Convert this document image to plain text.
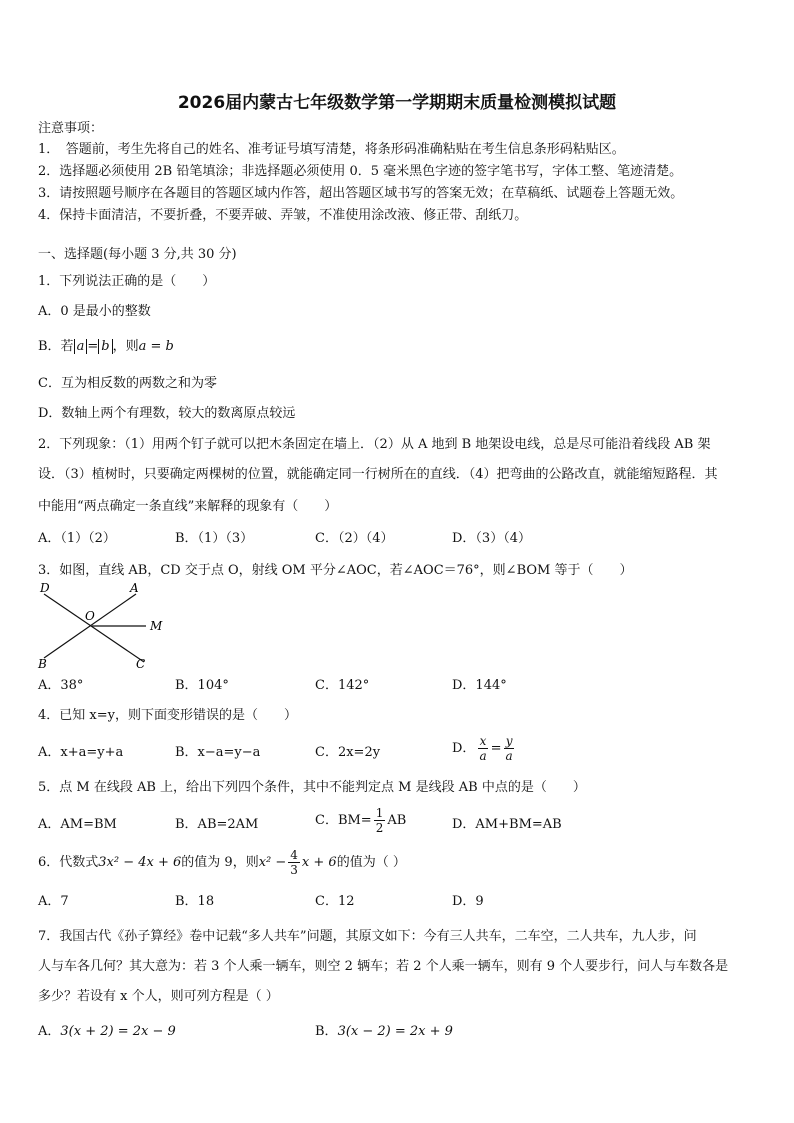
2026届内蒙古七年级数学第一学期期末质量检测模拟试题
注意事项：
1．　答题前，考生先将自己的姓名、准考证号填写清楚，将条形码准确粘贴在考生信息条形码粘贴区。
2．选择题必须使用 2B 铅笔填涂；非选择题必须使用 0．5 毫米黑色字迹的签字笔书写，字体工整、笔迹清楚。
3．请按照题号顺序在各题目的答题区域内作答，超出答题区域书写的答案无效；在草稿纸、试题卷上答题无效。
4．保持卡面清洁，不要折叠，不要弄破、弄皱，不准使用涂改液、修正带、刮纸刀。
一、选择题(每小题 3 分,共 30 分)
1．下列说法正确的是（　　）
A．0 是最小的整数
B．若 a = b ，则a = b
C．互为相反数的两数之和为零
D．数轴上两个有理数，较大的数离原点较远
2．下列现象：（1）用两个钉子就可以把木条固定在墙上．（2）从 A 地到 B 地架设电线，总是尽可能沿着线段 AB 架
设．（3）植树时，只要确定两棵树的位置，就能确定同一行树所在的直线．（4）把弯曲的公路改直，就能缩短路程．其
中能用“两点确定一条直线”来解释的现象有（　　）
A．（1）（2）	B．（1）（3）	C．（2）（4）	D．（3）（4）
3．如图，直线 AB，CD 交于点 O，射线 OM 平分∠AOC，若∠AOC＝76°，则∠BOM 等于（　　）
D	A
O
M
B	C
A．38°	B．104°	C．142°	D．144°
4．已知 x=y，则下面变形错误的是（　　）
A．x+a=y+a	B．x−a=y−a	C．2x=2y	D． $\frac{x}{a} = \frac{y}{a}$
5．点 M 在线段 AB 上，给出下列四个条件，其中不能判定点 M 是线段 AB 中点的是（　　）
A．AM=BM	B．AB=2AM	C．$BM= \frac{1}{2}$ AB	D．AM+BM=AB
6．代数式3x² − 4x + 6的值为 9，则$x^2 - \frac{4}{3}$ x + 6的值为（ ）
A．7	B．18	C．12	D．9
7．我国古代《孙子算经》卷中记载“多人共车”问题，其原文如下：今有三人共车，二车空，二人共车，九人步，问
人与车各几何？其大意为：若 3 个人乘一辆车，则空 2 辆车；若 2 个人乘一辆车，则有 9 个人要步行，问人与车数各是
多少？若设有 x 个人，则可列方程是（ ）
A．3(x + 2) = 2x − 9	B．3(x − 2) = 2x + 9
